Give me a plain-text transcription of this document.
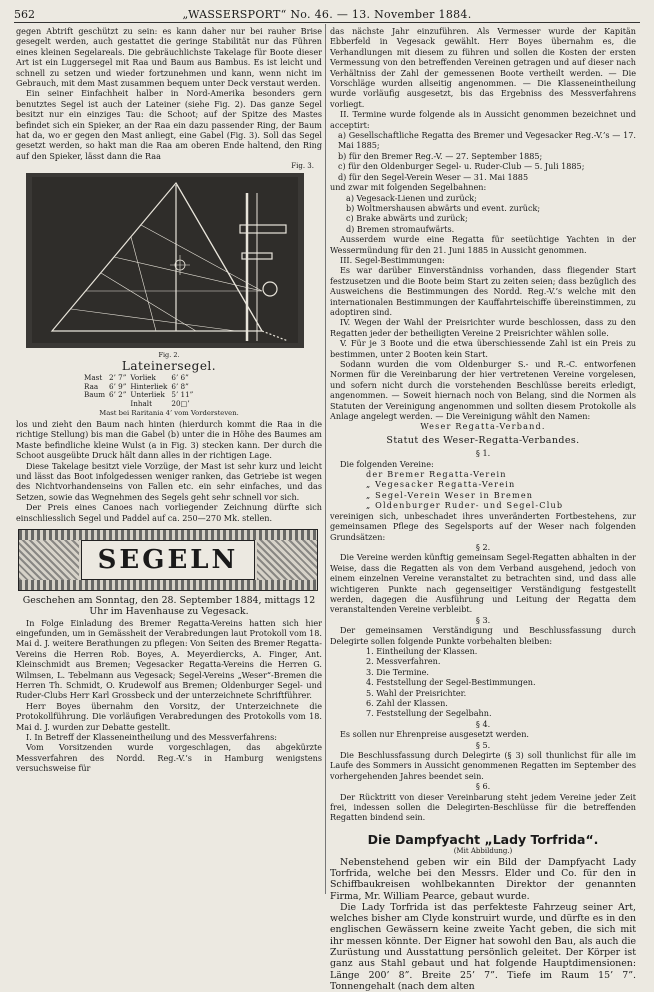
562	„WASSERSPORT“ No. 46. — 13. November 1884.

gegen Abtrift geschützt zu sein: es kann daher nur bei rauher Brise gesegelt werden, auch gestattet die geringe Stabilität nur das Führen eines kleinen Segelareals. Die gebräuchlichste Takelage für Boote dieser Art ist ein Luggersegel mit Raa und Baum aus Bambus. Es ist leicht und schnell zu setzen und wieder fortzunehmen und kann, wenn nicht im Gebrauch, mit dem Mast zusammen bequem unter Deck verstaut werden.

Ein seiner Einfachheit halber in Nord-Amerika besonders gern benutztes Segel ist auch der Lateiner (siehe Fig. 2). Das ganze Segel besitzt nur ein einziges Tau: die Schoot; auf der Spitze des Mastes befindet sich ein Spieker, an der Raa ein dazu passender Ring, der Baum hat da, wo er gegen den Mast anliegt, eine Gabel (Fig. 3). Soll das Segel gesetzt werden, so hakt man die Raa am oberen Ende haltend, den Ring auf den Spieker, lässt dann die Raa

Fig. 3.
Fig. 2.
Lateinersegel.
Mast	2’ 7”	Vorliek	6’ 6”
Raa	6’ 9”	Hinterliek	6’ 8”
Baum	6’ 2”	Unterliek	5’ 11”
		Inhalt	20□’
Mast bei Raritania 4’ vom Vordersteven.

los und zieht den Baum nach hinten (hierdurch kommt die Raa in die richtige Stellung) bis man die Gabel (b) unter die in Höhe des Baumes am Maste befindliche kleine Wulst (a in Fig. 3) stecken kann. Der durch die Schoot ausgeübte Druck hält dann alles in der richtigen Lage.

Diese Takelage besitzt viele Vorzüge, der Mast ist sehr kurz und leicht und lässt das Boot infolgedessen weniger ranken, das Getriebe ist wegen des Nichtvorhandenseins von Fallen etc. ein sehr einfaches, und das Setzen, sowie das Wegnehmen des Segels geht sehr schnell vor sich.

Der Preis eines Canoes nach vorliegender Zeichnung dürfte sich einschliesslich Segel und Paddel auf ca. 250—270 Mk. stellen.

SEGELN

Geschehen am Sonntag, den 28. September 1884, mittags 12 Uhr im Havenhause zu Vegesack.

In Folge Einladung des Bremer Regatta-Vereins hatten sich hier eingefunden, um in Gemässheit der Verabredungen laut Protokoll vom 18. Mai d. J. weitere Berathungen zu pflegen: Von Seiten des Bremer Regatta-Vereins die Herren Rob. Boyes, A. Meyerdiercks, A. Finger, Ant. Kleinschmidt aus Bremen; Vegesacker Regatta-Vereins die Herren G. Wilmsen, L. Tebelmann aus Vegesack; Segel-Vereins „Weser“-Bremen die Herren Th. Schmidt, O. Krudewolf aus Bremen; Oldenburger Segel- und Ruder-Clubs Herr Karl Grossbeck und der unterzeichnete Schriftführer.

Herr Boyes übernahm den Vorsitz, der Unterzeichnete die Protokollführung. Die vorläufigen Verabredungen des Protokolls vom 18. Mai d. J. wurden zur Debatte gestellt.

I. In Betreff der Klasseneintheilung und des Messverfahrens:

Vom Vorsitzenden wurde vorgeschlagen, das abgekürzte Messverfahren des Nordd. Reg.-V.’s in Hamburg wenigstens versuchsweise für

das nächste Jahr einzuführen. Als Vermesser wurde der Kapitän Ebberfeld in Vegesack gewählt. Herr Boyes übernahm es, die Verhandlungen mit diesem zu führen und sollen die Kosten der ersten Vermessung von den betreffenden Vereinen getragen und auf dieser nach Verhältniss der Zahl der gemessenen Boote vertheilt werden. — Die Vorschläge wurden allseitig angenommen. — Die Klasseneintheilung wurde vorläufig ausgesetzt, bis das Ergebniss des Messverfahrens vorliegt.

II. Termine wurde folgende als in Aussicht genommen bezeichnet und acceptirt:

a) Gesellschaftliche Regatta des Bremer und Vegesacker Reg.-V.’s — 17. Mai 1885;

b) für den Bremer Reg.-V. — 27. September 1885;

c) für den Oldenburger Segel- u. Ruder-Club — 5. Juli 1885;

d) für den Segel-Verein Weser — 31. Mai 1885

und zwar mit folgenden Segelbahnen:

a) Vegesack-Lienen und zurück;

b) Woltmershausen abwärts und event. zurück;

c) Brake abwärts und zurück;

d) Bremen stromaufwärts.

Ausserdem wurde eine Regatta für seetüchtige Yachten in der Wessermündung für den 21. Juni 1885 in Aussicht genommen.

III. Segel-Bestimmungen:

Es war darüber Einverständniss vorhanden, dass fliegender Start festzusetzen und die Boote beim Start zu zeiten seien; dass bezüglich des Ausweichens die Bestimmungen des Nordd. Reg.-V.’s welche mit den internationalen Bestimmungen der Kauffahrteischiffe übereinstimmen, zu adoptiren sind.

IV. Wegen der Wahl der Preisrichter wurde beschlossen, dass zu den Regatten jeder der betheiligten Vereine 2 Preisrichter wählen solle.

V. Für je 3 Boote und die etwa überschiessende Zahl ist ein Preis zu bestimmen, unter 2 Booten kein Start.

Sodann wurden die vom Oldenburger S.- und R.-C. entworfenen Normen für die Vereinbarung der hier vertretenen Vereine vorgelesen, und sofern nicht durch die vorstehenden Beschlüsse bereits erledigt, angenommen. — Soweit hiernach noch von Belang, sind die Normen als Statuten der Vereinigung angenommen und sollten diesem Protokolle als Anlage angelegt werden. — Die Vereinigung wählt den Namen:

Weser Regatta-Verband.

Statut des Weser-Regatta-Verbandes.

§ 1.

Die folgenden Vereine:

der Bremer Regatta-Verein

„ Vegesacker Regatta-Verein

„ Segel-Verein Weser in Bremen

„ Oldenburger Ruder- und Segel-Club

vereinigen sich, unbeschadet ihres unveränderten Fortbestehens, zur gemeinsamen Pflege des Segelsports auf der Weser nach folgenden Grundsätzen:

§ 2.

Die Vereine werden künftig gemeinsam Segel-Regatten abhalten in der Weise, dass die Regatten als von dem Verband ausgehend, jedoch von einem einzelnen Vereine veranstaltet zu betrachten sind, und dass alle wichtigeren Punkte nach gegenseitiger Verständigung festgestellt werden, dagegen die Ausführung und Leitung der Regatta dem veranstaltenden Vereine verbleibt.

§ 3.

Der gemeinsamen Verständigung und Beschlussfassung durch Delegirte sollen folgende Punkte vorbehalten bleiben:

1. Eintheilung der Klassen.

2. Messverfahren.

3. Die Termine.

4. Feststellung der Segel-Bestimmungen.

5. Wahl der Preisrichter.

6. Zahl der Klassen.

7. Feststellung der Segelbahn.

§ 4.

Es sollen nur Ehrenpreise ausgesetzt werden.

§ 5.

Die Beschlussfassung durch Delegirte (§ 3) soll thunlichst für alle im Laufe des Sommers in Aussicht genommenen Regatten im September des vorhergehenden Jahres beendet sein.

§ 6.

Der Rücktritt von dieser Vereinbarung steht jedem Vereine jeder Zeit frei, indessen sollen die Delegirten-Beschlüsse für die betreffenden Regatten bindend sein.

Die Dampfyacht „Lady Torfrida“.
(Mit Abbildung.)

Nebenstehend geben wir ein Bild der Dampfyacht Lady Torfrida, welche bei den Messrs. Elder und Co. für den in Schiffbaukreisen wohlbekannten Direktor der genannten Firma, Mr. William Pearce, gebaut wurde.

Die Lady Torfrida ist das perfekteste Fahrzeug seiner Art, welches bisher am Clyde konstruirt wurde, und dürfte es in den englischen Gewässern keine zweite Yacht geben, die sich mit ihr messen könnte. Der Eigner hat sowohl den Bau, als auch die Zurüstung und Ausstattung persönlich geleitet. Der Körper ist ganz aus Stahl gebaut und hat folgende Hauptdimensionen: Länge 200’ 8”. Breite 25’ 7”. Tiefe im Raum 15’ 7”. Tonnengehalt (nach dem alten
